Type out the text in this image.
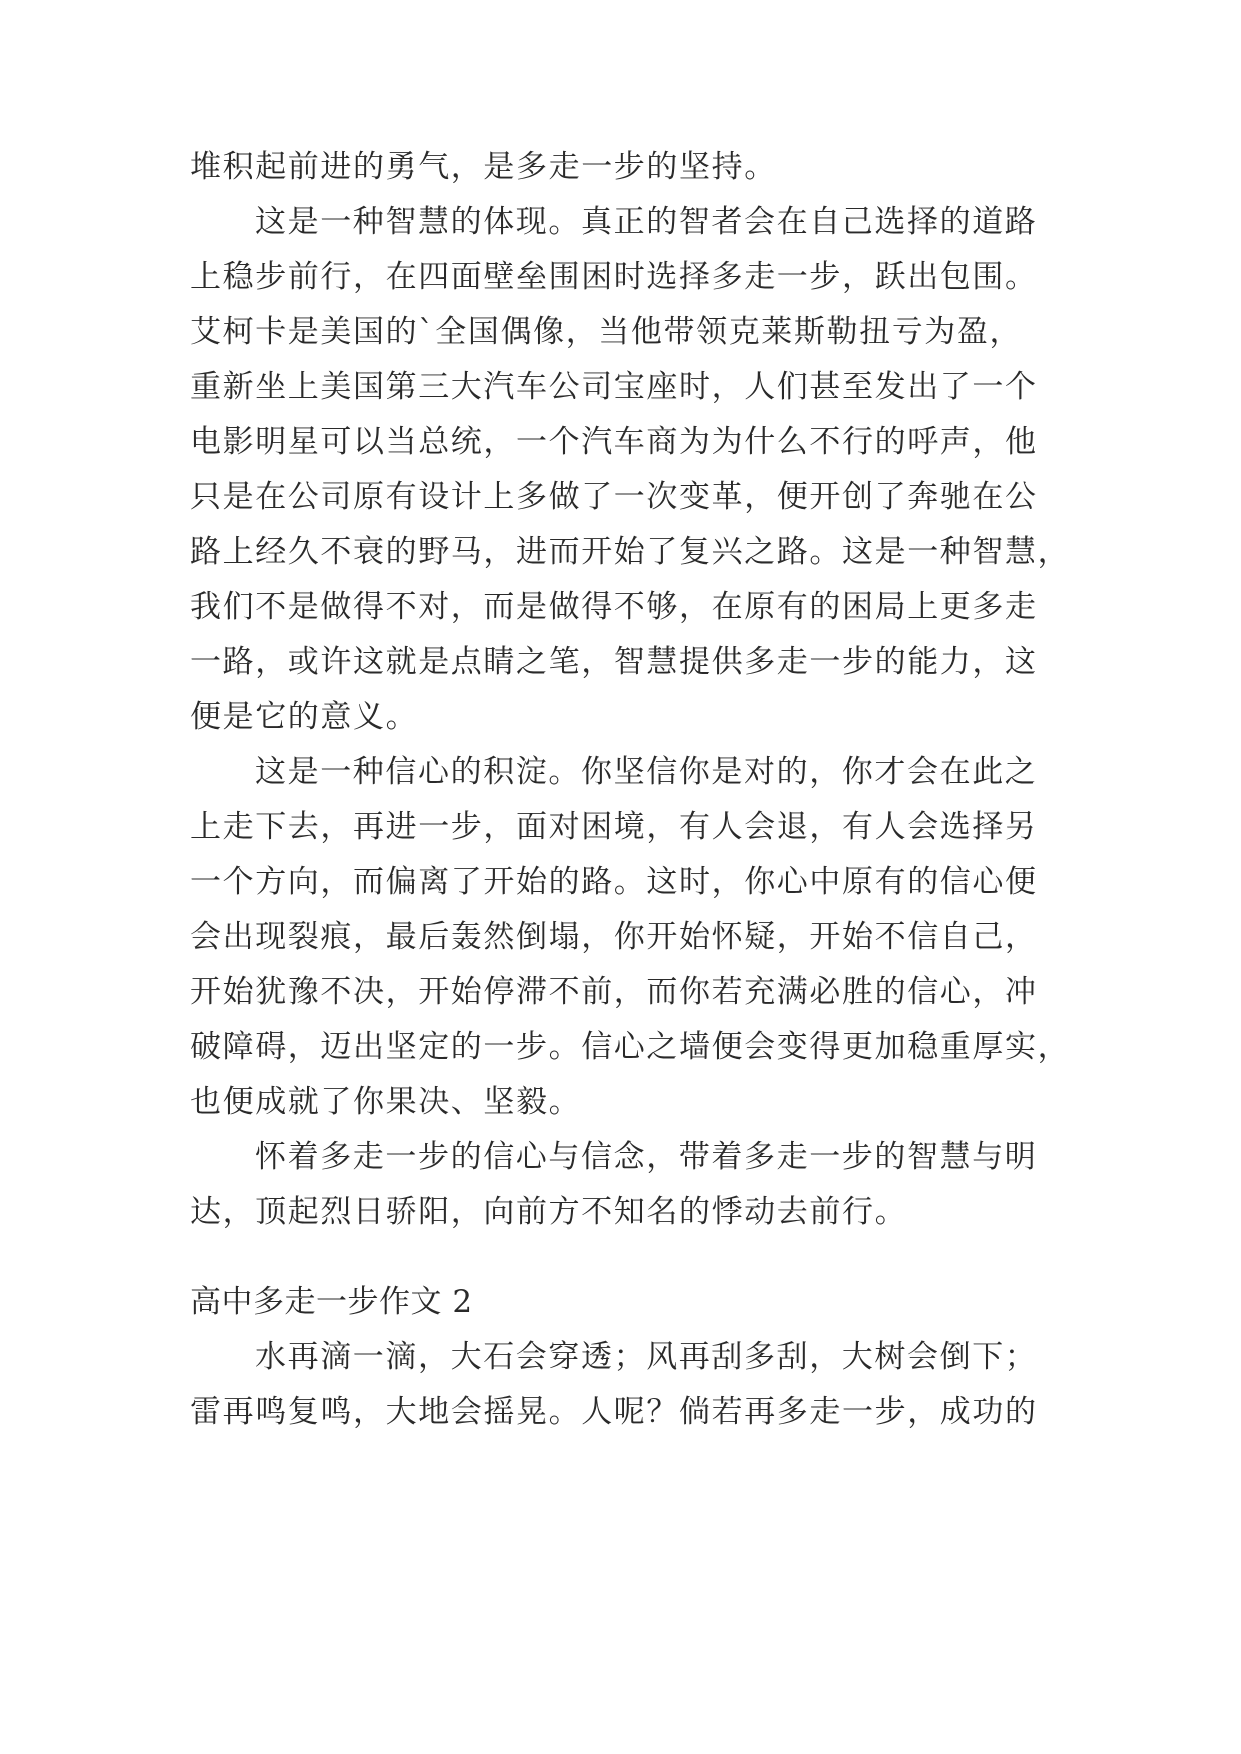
堆积起前进的勇气，是多走一步的坚持。
这是一种智慧的体现。真正的智者会在自己选择的道路
上稳步前行，在四面壁垒围困时选择多走一步，跃出包围。
艾柯卡是美国的`全国偶像，当他带领克莱斯勒扭亏为盈，
重新坐上美国第三大汽车公司宝座时，人们甚至发出了一个
电影明星可以当总统，一个汽车商为为什么不行的呼声，他
只是在公司原有设计上多做了一次变革，便开创了奔驰在公
路上经久不衰的野马，进而开始了复兴之路。这是一种智慧，
我们不是做得不对，而是做得不够，在原有的困局上更多走
一路，或许这就是点睛之笔，智慧提供多走一步的能力，这
便是它的意义。
这是一种信心的积淀。你坚信你是对的，你才会在此之
上走下去，再进一步，面对困境，有人会退，有人会选择另
一个方向，而偏离了开始的路。这时，你心中原有的信心便
会出现裂痕，最后轰然倒塌，你开始怀疑，开始不信自己，
开始犹豫不决，开始停滞不前，而你若充满必胜的信心，冲
破障碍，迈出坚定的一步。信心之墙便会变得更加稳重厚实，
也便成就了你果决、坚毅。
怀着多走一步的信心与信念，带着多走一步的智慧与明
达，顶起烈日骄阳，向前方不知名的悸动去前行。
高中多走一步作文 2
水再滴一滴，大石会穿透；风再刮多刮，大树会倒下；
雷再鸣复鸣，大地会摇晃。人呢？倘若再多走一步，成功的
